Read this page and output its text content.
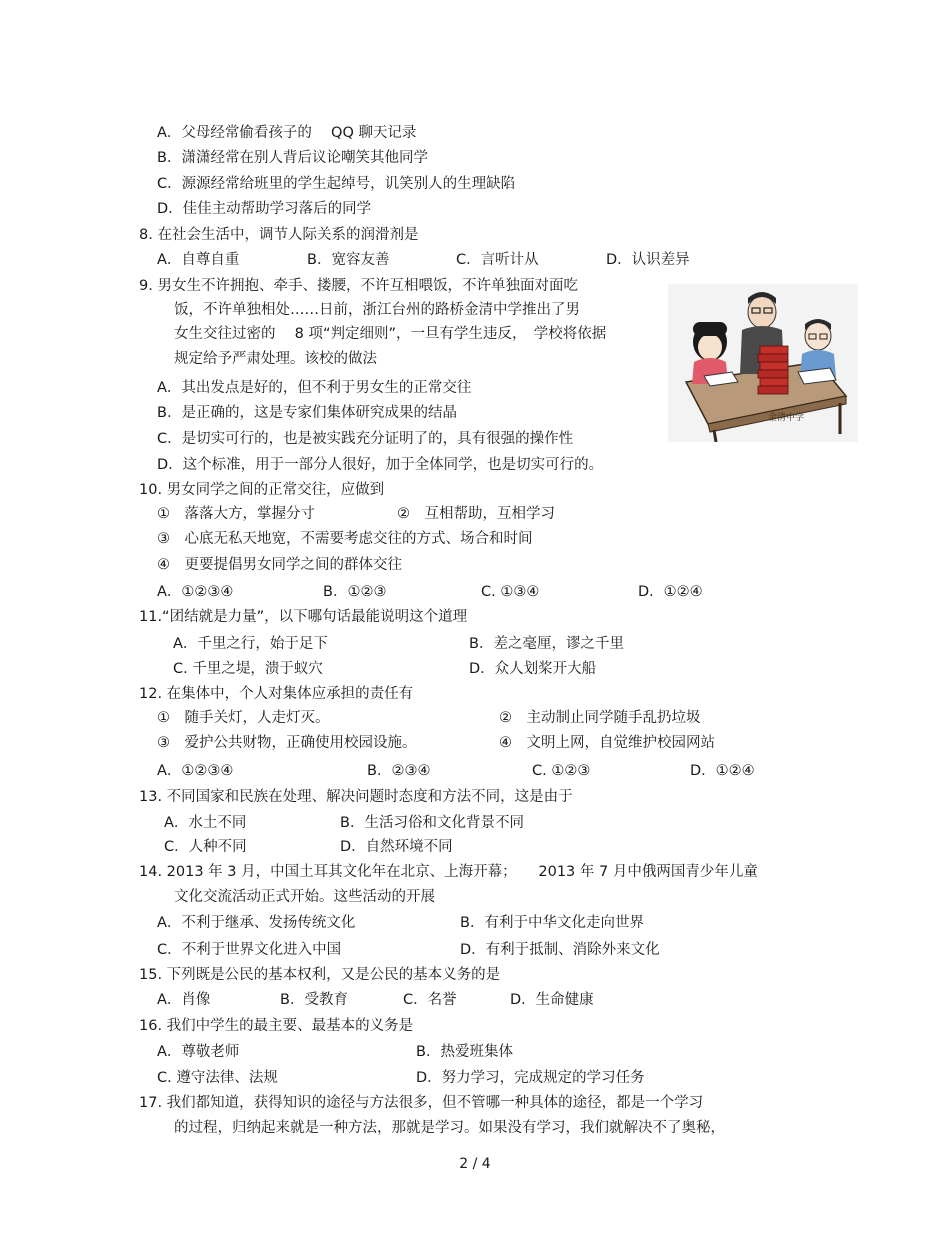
A．父母经常偷看孩子的　 QQ 聊天记录
B．潇潇经常在别人背后议论嘲笑其他同学
C．源源经常给班里的学生起绰号，讥笑别人的生理缺陷
D．佳佳主动帮助学习落后的同学
8. 在社会生活中，调节人际关系的润滑剂是
A．自尊自重	B．宽容友善	C．言听计从	D．认识差异
9. 男女生不许拥抱、牵手、搂腰，不许互相喂饭，不许单独面对面吃
饭，不许单独相处……日前，浙江台州的路桥金清中学推出了男
女生交往过密的　 8 项“判定细则”，一旦有学生违反，　学校将依据
规定给予严肃处理。该校的做法
金清中学
A．其出发点是好的，但不利于男女生的正常交往
B．是正确的，这是专家们集体研究成果的结晶
C．是切实可行的，也是被实践充分证明了的，具有很强的操作性
D．这个标准，用于一部分人很好，加于全体同学，也是切实可行的。
10. 男女同学之间的正常交往，应做到
①　落落大方，掌握分寸	②　互相帮助，互相学习
③　心底无私天地宽，不需要考虑交往的方式、场合和时间
④　更要提倡男女同学之间的群体交往
A．①②③④	B．①②③	C. ①③④	D．①②④
11.“团结就是力量”，以下哪句话最能说明这个道理
A．千里之行，始于足下	B．差之毫厘，谬之千里
C. 千里之堤，溃于蚁穴	D．众人划桨开大船
12. 在集体中，个人对集体应承担的责任有
①　随手关灯，人走灯灭。	②　主动制止同学随手乱扔垃圾
③　爱护公共财物，正确使用校园设施。	④　文明上网，自觉维护校园网站
A．①②③④	B．②③④	C. ①②③	D．①②④
13. 不同国家和民族在处理、解决问题时态度和方法不同，这是由于
A．水土不同	B．生活习俗和文化背景不同
C．人种不同	D．自然环境不同
14. 2013 年 3 月，中国土耳其文化年在北京、上海开幕；　　2013 年 7 月中俄两国青少年儿童
文化交流活动正式开始。这些活动的开展
A．不利于继承、发扬传统文化	B．有利于中华文化走向世界
C．不利于世界文化进入中国	D．有利于抵制、消除外来文化
15. 下列既是公民的基本权利，又是公民的基本义务的是
A．肖像	B．受教育	C．名誉	D．生命健康
16. 我们中学生的最主要、最基本的义务是
A．尊敬老师	B．热爱班集体
C. 遵守法律、法规	D．努力学习，完成规定的学习任务
17. 我们都知道，获得知识的途径与方法很多，但不管哪一种具体的途径，都是一个学习
的过程，归纳起来就是一种方法，那就是学习。如果没有学习，我们就解决不了奥秘，
2 / 4
